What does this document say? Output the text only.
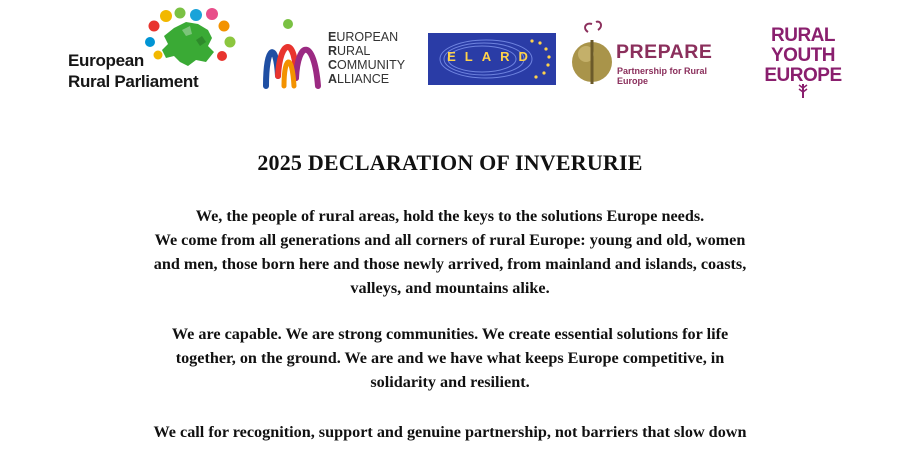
European
Rural Parliament
EUROPEAN
RURAL
COMMUNITY
ALLIANCE
ELARD	PREPARE
Partnership for Rural Europe
RURAL
YOUTH
EUROPE
2025 DECLARATION OF INVERURIE

We, the people of rural areas, hold the keys to the solutions Europe needs.
We come from all generations and all corners of rural Europe: young and old, women
and men, those born here and those newly arrived, from mainland and islands, coasts,
valleys, and mountains alike.

We are capable. We are strong communities. We create essential solutions for life
together, on the ground. We are and we have what keeps Europe competitive, in
solidarity and resilient.

We call for recognition, support and genuine partnership, not barriers that slow down
